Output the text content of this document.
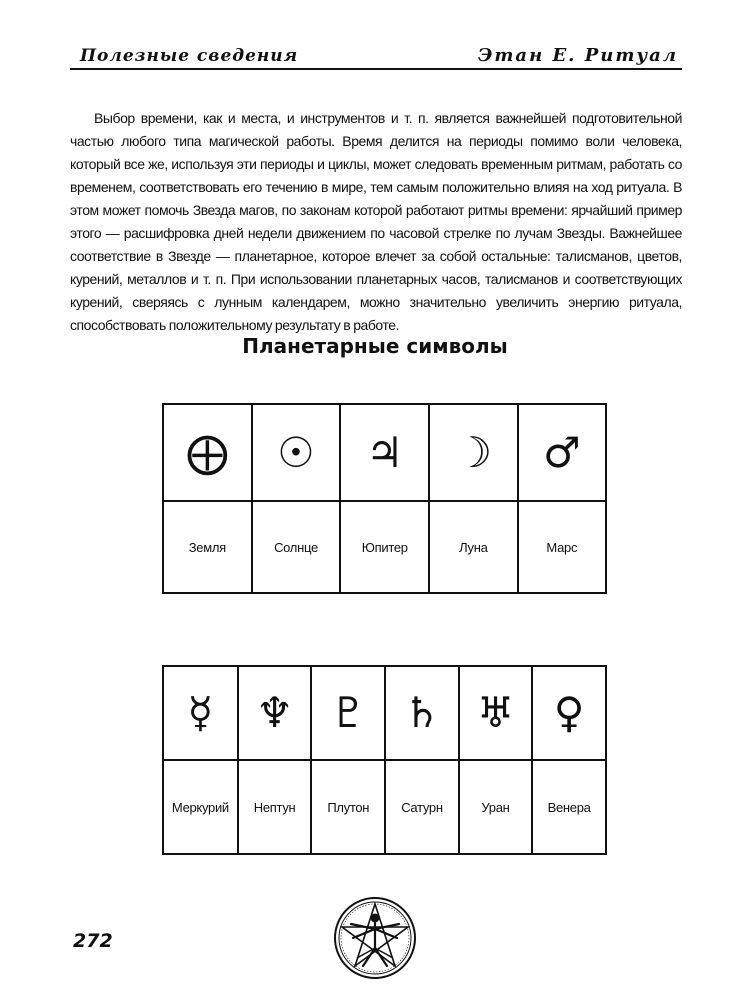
Полезные сведения	Этан Е. Ритуал

Выбор времени, как и места, и инструментов и т. п. является важнейшей подготовительной частью любого типа магической работы. Время делится на периоды помимо воли человека, который все же, используя эти периоды и циклы, может следовать временным ритмам, работать со временем, соответствовать его течению в мире, тем самым положительно влияя на ход ритуала. В этом может помочь Звезда магов, по законам которой работают ритмы времени: ярчайший пример этого — расшифровка дней недели движением по часовой стрелке по лучам Звезды. Важнейшее соответствие в Звезде — планетарное, которое влечет за собой остальные: талисманов, цветов, курений, металлов и т. п. При использовании планетарных часов, талисманов и соответствующих курений, сверяясь с лунным календарем, можно значительно увеличить энергию ритуала, способствовать положительному результату в работе.

Планетарные символы
⨁	☉	♃	☽	♂
Земля	Солнце	Юпитер	Луна	Марс
☿	♆	♇	♄	♅	♀
Меркурий	Нептун	Плутон	Сатурн	Уран	Венера
272
